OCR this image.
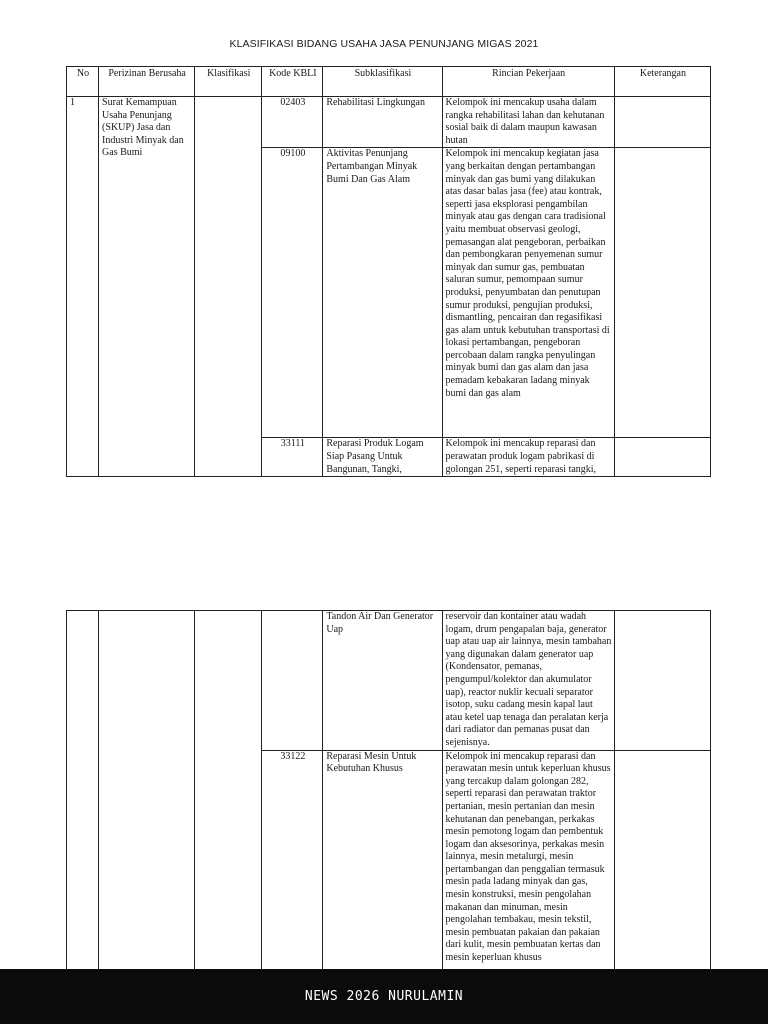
KLASIFIKASI BIDANG USAHA JASA PENUNJANG MIGAS 2021
No	Perizinan Berusaha	Klasifikasi	Kode KBLI	Subklasifikasi	Rincian Pekerjaan	Keterangan
1	Surat Kemampuan Usaha Penunjang (SKUP) Jasa dan Industri Minyak dan Gas Bumi		02403	Rehabilitasi Lingkungan	Kelompok ini mencakup usaha dalam rangka rehabilitasi lahan dan kehutanan sosial baik di dalam maupun kawasan hutan	
			09100	Aktivitas Penunjang Pertambangan Minyak Bumi Dan Gas Alam	Kelompok ini mencakup kegiatan jasa yang berkaitan dengan pertambangan minyak dan gas bumi yang dilakukan atas dasar balas jasa (fee) atau kontrak, seperti jasa eksplorasi pengambilan minyak atau gas dengan cara tradisional yaitu membuat observasi geologi, pemasangan alat pengeboran, perbaikan dan pembongkaran penyemenan sumur minyak dan sumur gas, pembuatan saluran sumur, pemompaan sumur produksi, penyumbatan dan penutupan sumur produksi, pengujian produksi, dismantling, pencairan dan regasifikasi gas alam untuk kebutuhan transportasi di lokasi pertambangan, pengeboran percobaan dalam rangka penyulingan minyak bumi dan gas alam dan jasa pemadam kebakaran ladang minyak bumi dan gas alam	
			33111	Reparasi Produk Logam Siap Pasang Untuk Bangunan, Tangki,	Kelompok ini mencakup reparasi dan perawatan produk logam pabrikasi di golongan 251, seperti reparasi tangki,	
				Tandon Air Dan Generator Uap	reservoir dan kontainer atau wadah logam, drum pengapalan baja, generator uap atau uap air lainnya, mesin tambahan yang digunakan dalam generator uap (Kondensator, pemanas, pengumpul/kolektor dan akumulator uap), reactor nuklir kecuali separator isotop, suku cadang mesin kapal laut atau ketel uap tenaga dan peralatan kerja dari radiator dan pemanas pusat dan sejenisnya.	
			33122	Reparasi Mesin Untuk Kebutuhan Khusus	Kelompok ini mencakup reparasi dan perawatan mesin untuk keperluan khusus yang tercakup dalam golongan 282, seperti reparasi dan perawatan traktor pertanian, mesin pertanian dan mesin kehutanan dan penebangan, perkakas mesin pemotong logam dan pembentuk logam dan aksesorinya, perkakas mesin lainnya, mesin metalurgi, mesin pertambangan dan penggalian termasuk mesin pada ladang minyak dan gas, mesin konstruksi, mesin pengolahan makanan dan minuman, mesin pengolahan tembakau, mesin tekstil, mesin pembuatan pakaian dan pakaian dari kulit, mesin pembuatan kertas dan mesin keperluan khusus	
NEWS 2026 NURULAMIN
